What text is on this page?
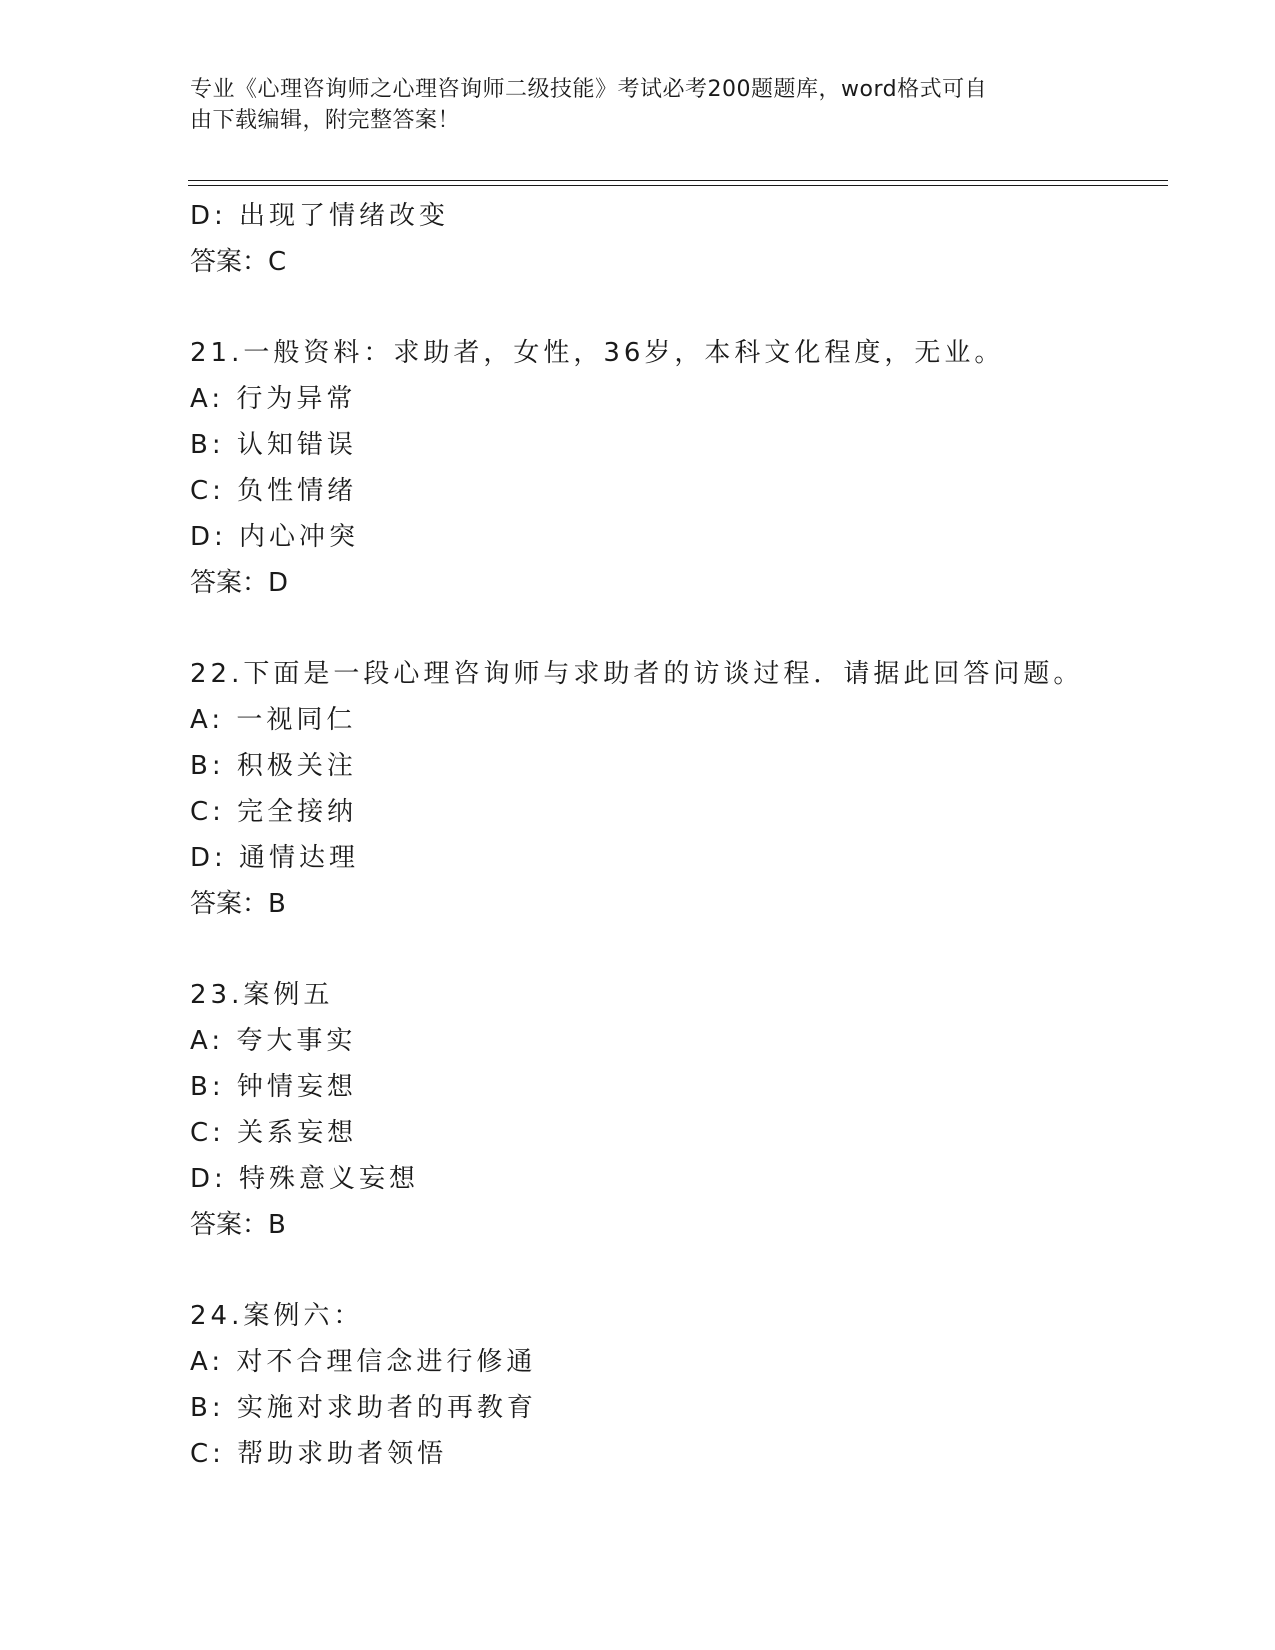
专业《心理咨询师之心理咨询师二级技能》考试必考200题题库，word格式可自
由下载编辑，附完整答案！
D: 出现了情绪改变
答案：C
21.一般资料：求助者，女性，36岁，本科文化程度，无业。
A: 行为异常
B: 认知错误
C: 负性情绪
D: 内心冲突
答案：D
22.下面是一段心理咨询师与求助者的访谈过程．请据此回答问题。
A: 一视同仁
B: 积极关注
C: 完全接纳
D: 通情达理
答案：B
23.案例五
A: 夸大事实
B: 钟情妄想
C: 关系妄想
D: 特殊意义妄想
答案：B
24.案例六：
A: 对不合理信念进行修通
B: 实施对求助者的再教育
C: 帮助求助者领悟
